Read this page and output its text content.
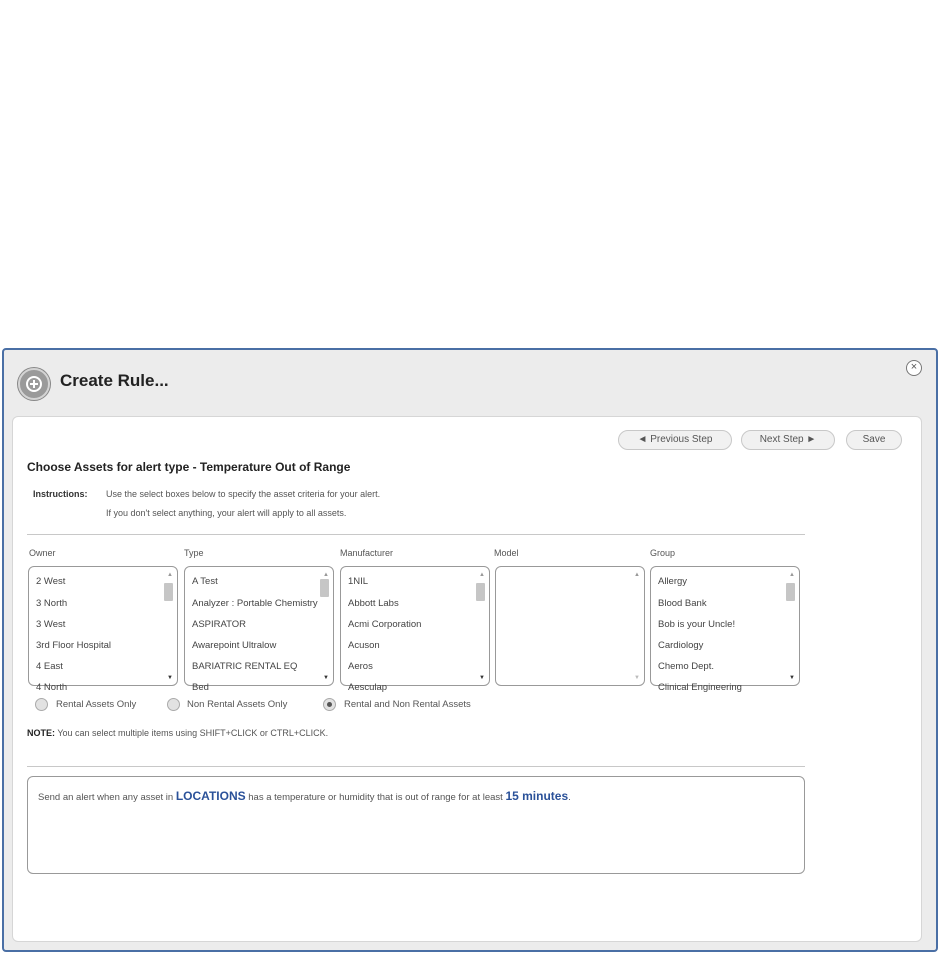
×
Create Rule...
◄ Previous Step	Next Step ►	Save
Choose Assets for alert type - Temperature Out of Range
Instructions: Use the select boxes below to specify the asset criteria for your alert.
If you don't select anything, your alert will apply to all assets.
Owner	Type	Manufacturer	Model	Group
2 West
3 North
3 West
3rd Floor Hospital
4 East
4 North
▲
▼
A Test
Analyzer : Portable Chemistry
ASPIRATOR
Awarepoint Ultralow
BARIATRIC RENTAL EQ
Bed
▲
▼
1NIL
Abbott Labs
Acmi Corporation
Acuson
Aeros
Aesculap
▲
▼
▲
▼
Allergy
Blood Bank
Bob is your Uncle!
Cardiology
Chemo Dept.
Clinical Engineering
▲
▼
Rental Assets Only	Non Rental Assets Only	Rental and Non Rental Assets
NOTE: You can select multiple items using SHIFT+CLICK or CTRL+CLICK.
Send an alert when any asset in LOCATIONS has a temperature or humidity that is out of range for at least 15 minutes.
